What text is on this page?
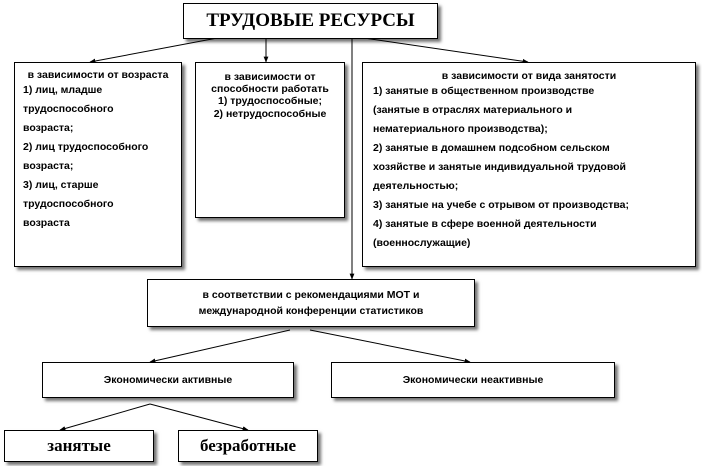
ТРУДОВЫЕ РЕСУРСЫ
в зависимости от возраста
1) лиц, младше
трудоспособного
возраста;
2) лиц трудоспособного
возраста;
3) лиц, старше
трудоспособного
возраста
в зависимости от способности работать
1) трудоспособные;
2) нетрудоспособные
в зависимости от вида занятости
1) занятые в общественном производстве
(занятые в отраслях материального и
нематериального производства);
2) занятые в домашнем подсобном сельском
хозяйстве и занятые индивидуальной трудовой
деятельностью;
3) занятые на учебе с отрывом от производства;
4) занятые в сфере военной деятельности
(военнослужащие)
в соответствии с рекомендациями МОТ и
международной конференции статистиков
Экономически активные	Экономически неактивные
занятые	безработные
